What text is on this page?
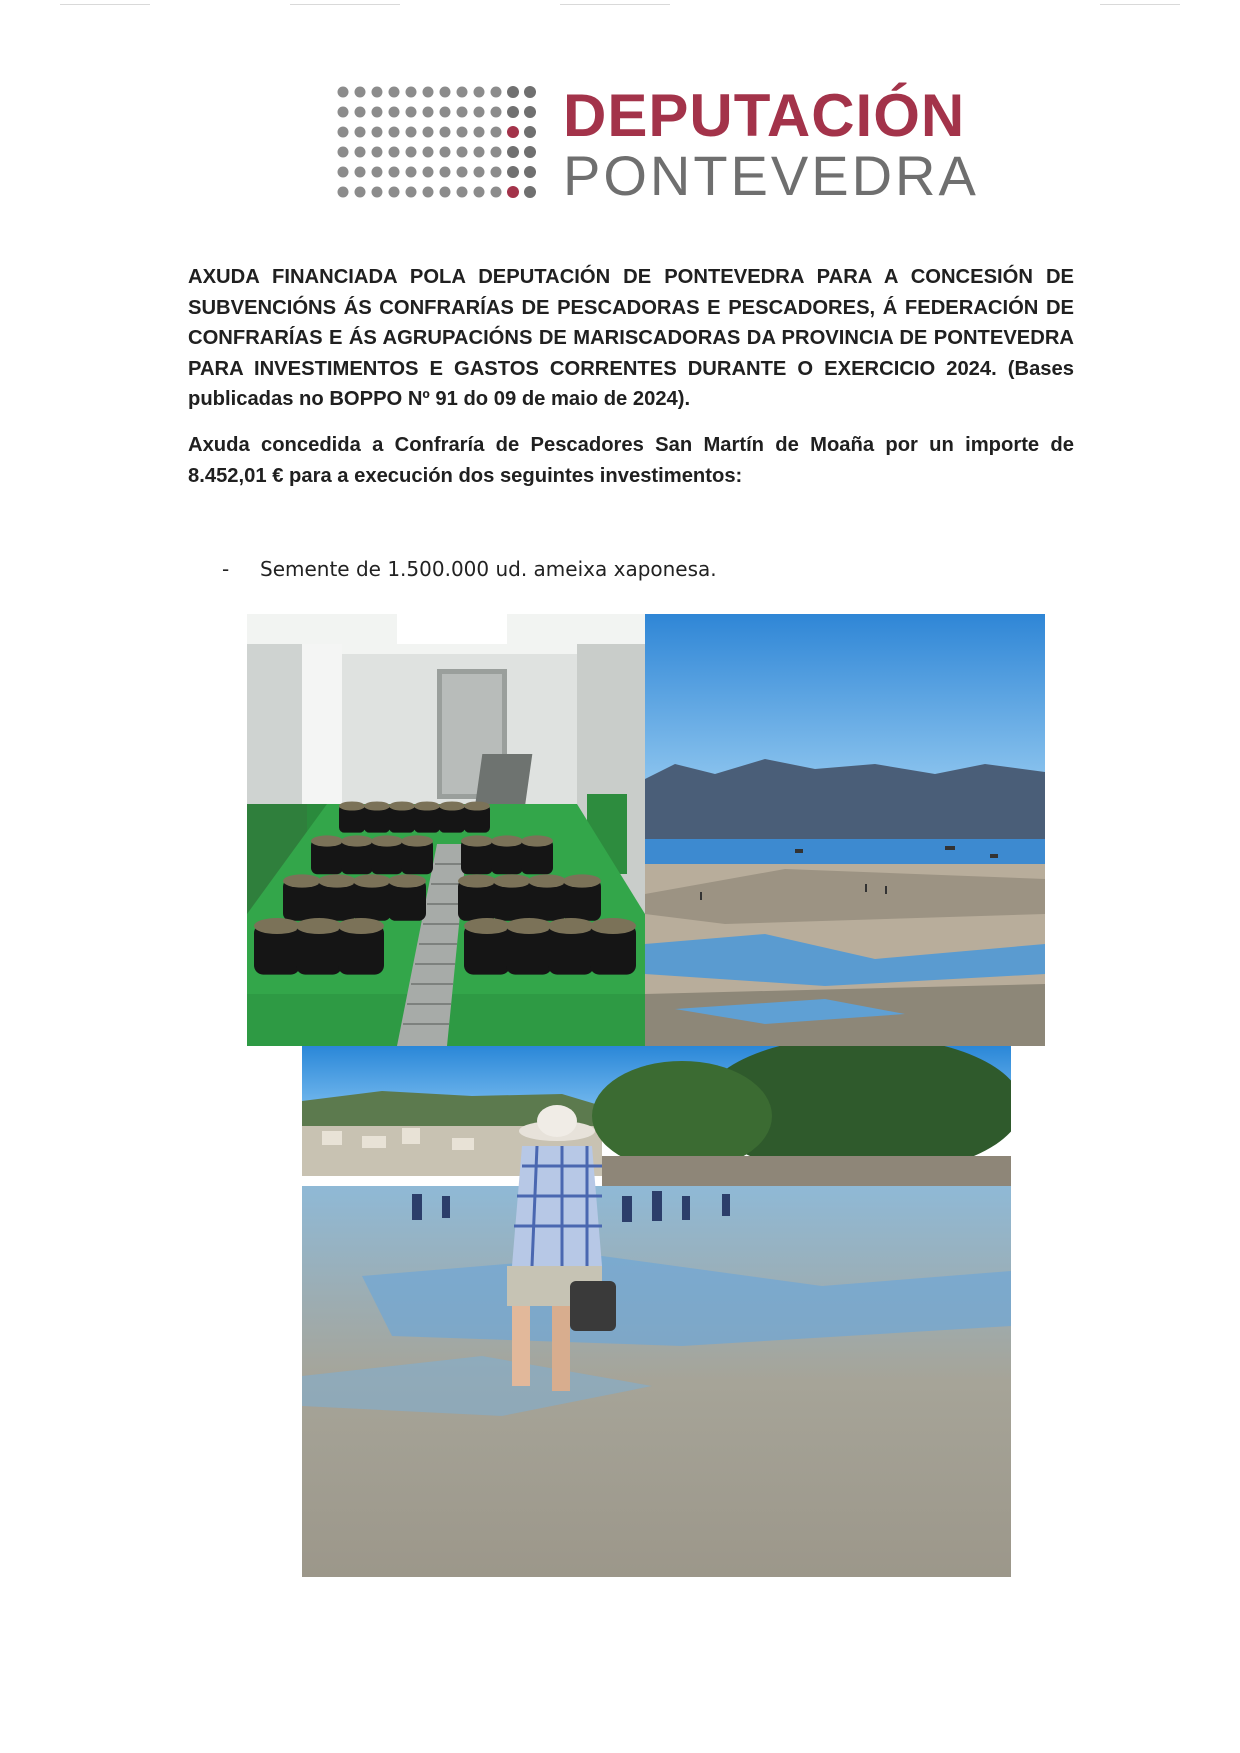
DEPUTACIÓN
PONTEVEDRA
AXUDA FINANCIADA POLA DEPUTACIÓN DE PONTEVEDRA PARA A CONCESIÓN DE SUBVENCIÓNS ÁS CONFRARÍAS DE PESCADORAS E PESCADORES, Á FEDERACIÓN DE CONFRARÍAS E ÁS AGRUPACIÓNS DE MARISCADORAS DA PROVINCIA DE PONTEVEDRA PARA INVESTIMENTOS E GASTOS CORRENTES DURANTE O EXERCICIO 2024. (Bases publicadas no BOPPO Nº 91 do 09 de maio de 2024).
Axuda concedida a Confraría de Pescadores San Martín de Moaña por un importe de 8.452,01 € para a execución dos seguintes investimentos:
- Semente de 1.500.000 ud. ameixa xaponesa.
